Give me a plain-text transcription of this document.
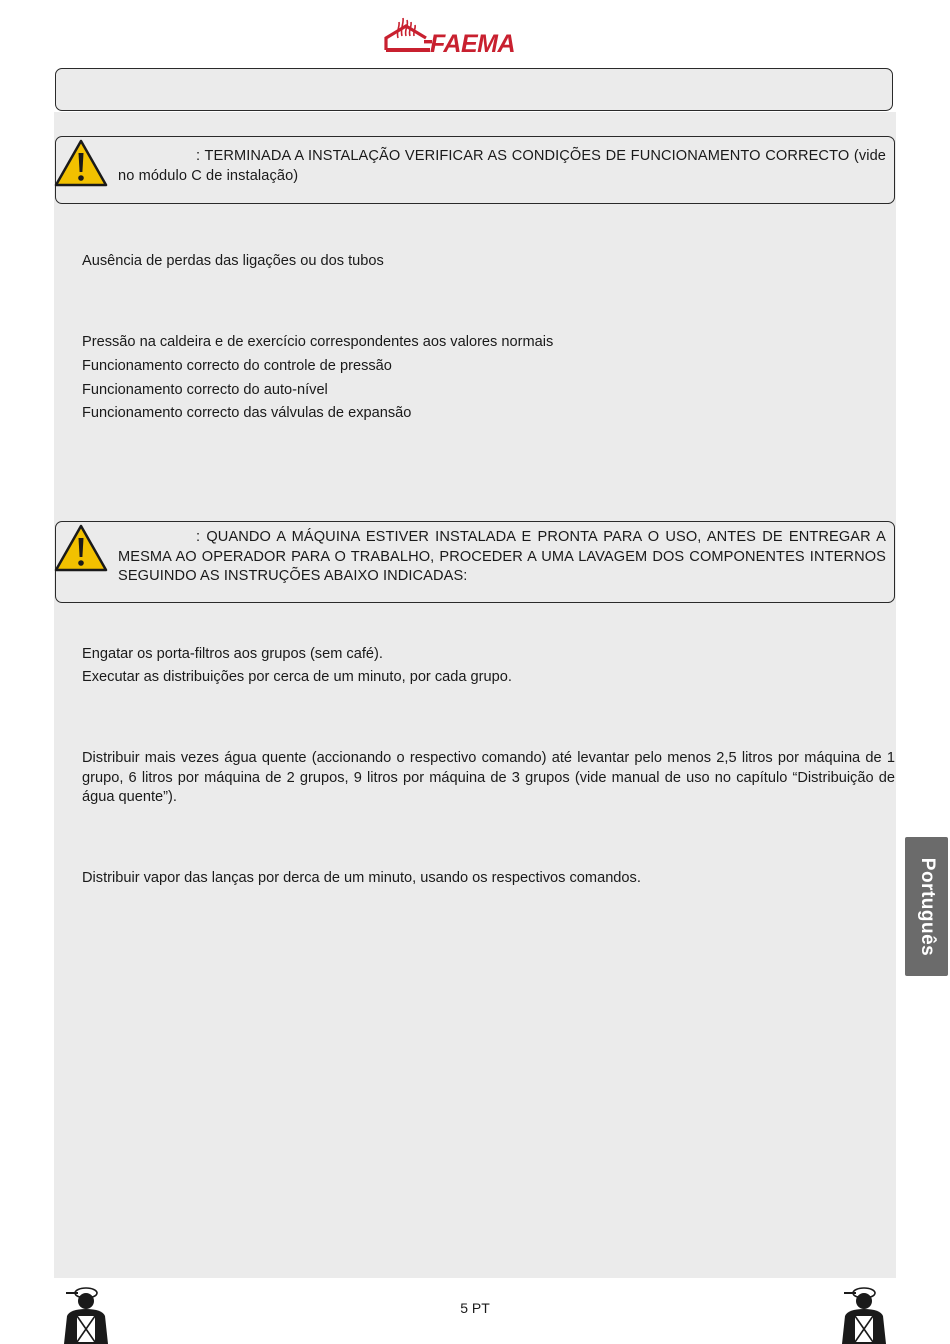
FAEMA
: TERMINADA A INSTALAÇÃO VERIFICAR AS CONDIÇÕES DE FUNCIONAMENTO CORRECTO (vide no módulo C de instalação)
Ausência de perdas das ligações ou dos tubos
Pressão na caldeira e de exercício correspondentes aos valores normais
Funcionamento correcto do controle de pressão
Funcionamento correcto do auto-nível
Funcionamento correcto das válvulas de expansão
: QUANDO A MÁQUINA ESTIVER INSTALADA E PRONTA PARA O USO, ANTES DE ENTREGAR A MESMA AO OPERADOR PARA O TRABALHO, PROCEDER A UMA LAVAGEM DOS COMPONENTES INTERNOS SEGUINDO AS INSTRUÇÕES ABAIXO INDICADAS:
Engatar os porta-filtros aos grupos (sem café).
Executar as distribuições por cerca de um minuto, por cada grupo.
Distribuir mais vezes água quente (accionando o respectivo comando) até levantar pelo menos 2,5 litros por máquina de 1 grupo, 6 litros por máquina de 2 grupos, 9 litros por máquina de 3 grupos (vide manual de uso no capítulo “Distribuição de água quente”).
Distribuir vapor das lanças por derca de um minuto, usando os respectivos comandos.	Português
5 PT
